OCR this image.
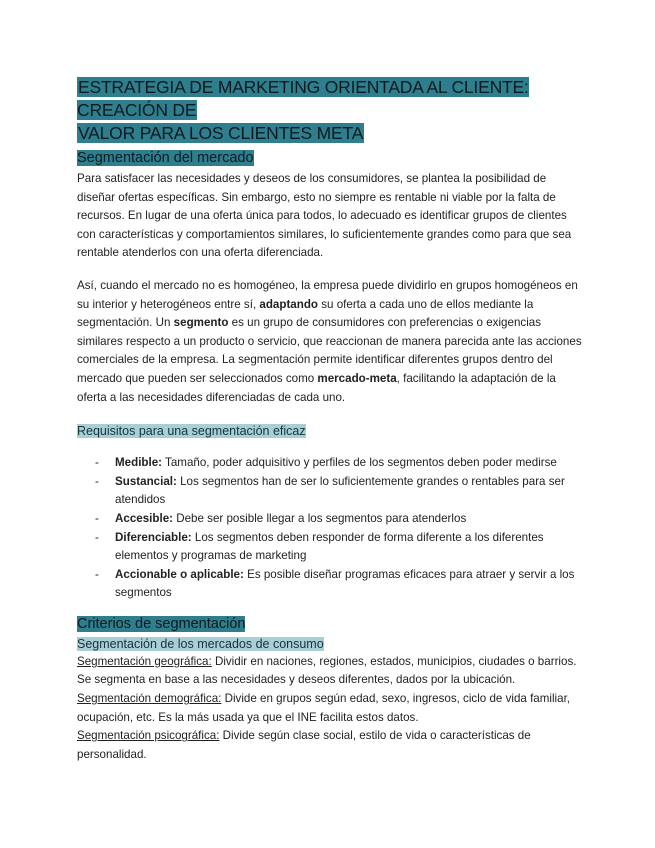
ESTRATEGIA DE MARKETING ORIENTADA AL CLIENTE: CREACIÓN DE
VALOR PARA LOS CLIENTES META
Segmentación del mercado

Para satisfacer las necesidades y deseos de los consumidores, se plantea la posibilidad de diseñar ofertas específicas. Sin embargo, esto no siempre es rentable ni viable por la falta de recursos. En lugar de una oferta única para todos, lo adecuado es identificar grupos de clientes con características y comportamientos similares, lo suficientemente grandes como para que sea rentable atenderlos con una oferta diferenciada.

Así, cuando el mercado no es homogéneo, la empresa puede dividirlo en grupos homogéneos en su interior y heterogéneos entre sí, adaptando su oferta a cada uno de ellos mediante la segmentación. Un segmento es un grupo de consumidores con preferencias o exigencias similares respecto a un producto o servicio, que reaccionan de manera parecida ante las acciones comerciales de la empresa. La segmentación permite identificar diferentes grupos dentro del mercado que pueden ser seleccionados como mercado-meta, facilitando la adaptación de la oferta a las necesidades diferenciadas de cada uno.

Requisitos para una segmentación eficaz
- Medible: Tamaño, poder adquisitivo y perfiles de los segmentos deben poder medirse
- Sustancial: Los segmentos han de ser lo suficientemente grandes o rentables para ser atendidos
- Accesible: Debe ser posible llegar a los segmentos para atenderlos
- Diferenciable: Los segmentos deben responder de forma diferente a los diferentes elementos y programas de marketing
- Accionable o aplicable: Es posible diseñar programas eficaces para atraer y servir a los segmentos
Criterios de segmentación
Segmentación de los mercados de consumo

Segmentación geográfica: Dividir en naciones, regiones, estados, municipios, ciudades o barrios. Se segmenta en base a las necesidades y deseos diferentes, dados por la ubicación.

Segmentación demográfica: Divide en grupos según edad, sexo, ingresos, ciclo de vida familiar, ocupación, etc. Es la más usada ya que el INE facilita estos datos.

Segmentación psicográfica: Divide según clase social, estilo de vida o características de personalidad.
